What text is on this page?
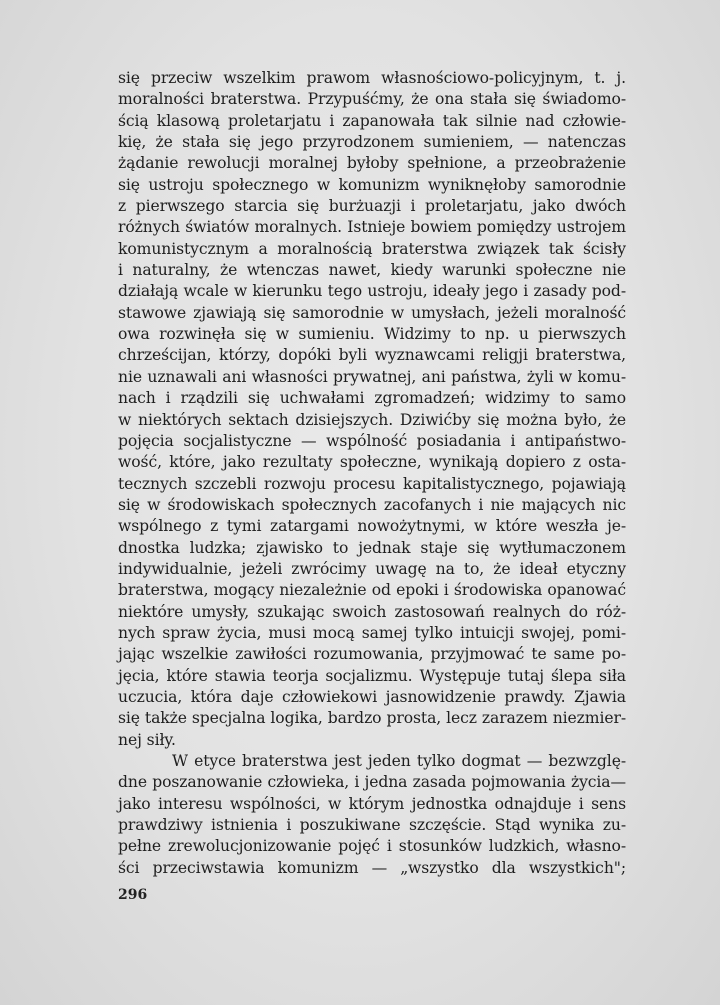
się przeciw wszelkim prawom własnościowo-policyjnym, t. j.
moralności braterstwa. Przypuśćmy, że ona stała się świadomo-
ścią klasową proletarjatu i zapanowała tak silnie nad człowie-
kię, że stała się jego przyrodzonem sumieniem, — natenczas
żądanie rewolucji moralnej byłoby spełnione, a przeobrażenie
się ustroju społecznego w komunizm wyniknęłoby samorodnie
z pierwszego starcia się burżuazji i proletarjatu, jako dwóch
różnych światów moralnych. Istnieje bowiem pomiędzy ustrojem
komunistycznym a moralnością braterstwa związek tak ścisły
i naturalny, że wtenczas nawet, kiedy warunki społeczne nie
działają wcale w kierunku tego ustroju, ideały jego i zasady pod-
stawowe zjawiają się samorodnie w umysłach, jeżeli moralność
owa rozwinęła się w sumieniu. Widzimy to np. u pierwszych
chrześcijan, którzy, dopóki byli wyznawcami religji braterstwa,
nie uznawali ani własności prywatnej, ani państwa, żyli w komu-
nach i rządzili się uchwałami zgromadzeń; widzimy to samo
w niektórych sektach dzisiejszych. Dziwićby się można było, że
pojęcia socjalistyczne — wspólność posiadania i antipaństwo-
wość, które, jako rezultaty społeczne, wynikają dopiero z osta-
tecznych szczebli rozwoju procesu kapitalistycznego, pojawiają
się w środowiskach społecznych zacofanych i nie mających nic
wspólnego z tymi zatargami nowożytnymi, w które weszła je-
dnostka ludzka; zjawisko to jednak staje się wytłumaczonem
indywidualnie, jeżeli zwrócimy uwagę na to, że ideał etyczny
braterstwa, mogący niezależnie od epoki i środowiska opanować
niektóre umysły, szukając swoich zastosowań realnych do róż-
nych spraw życia, musi mocą samej tylko intuicji swojej, pomi-
jając wszelkie zawiłości rozumowania, przyjmować te same po-
jęcia, które stawia teorja socjalizmu. Występuje tutaj ślepa siła
uczucia, która daje człowiekowi jasnowidzenie prawdy. Zjawia
się także specjalna logika, bardzo prosta, lecz zarazem niezmier-
nej siły.
W etyce braterstwa jest jeden tylko dogmat — bezwzglę-
dne poszanowanie człowieka, i jedna zasada pojmowania życia—
jako interesu wspólności, w którym jednostka odnajduje i sens
prawdziwy istnienia i poszukiwane szczęście. Stąd wynika zu-
pełne zrewolucjonizowanie pojęć i stosunków ludzkich, własno-
ści przeciwstawia komunizm — „wszystko dla wszystkich";
296
